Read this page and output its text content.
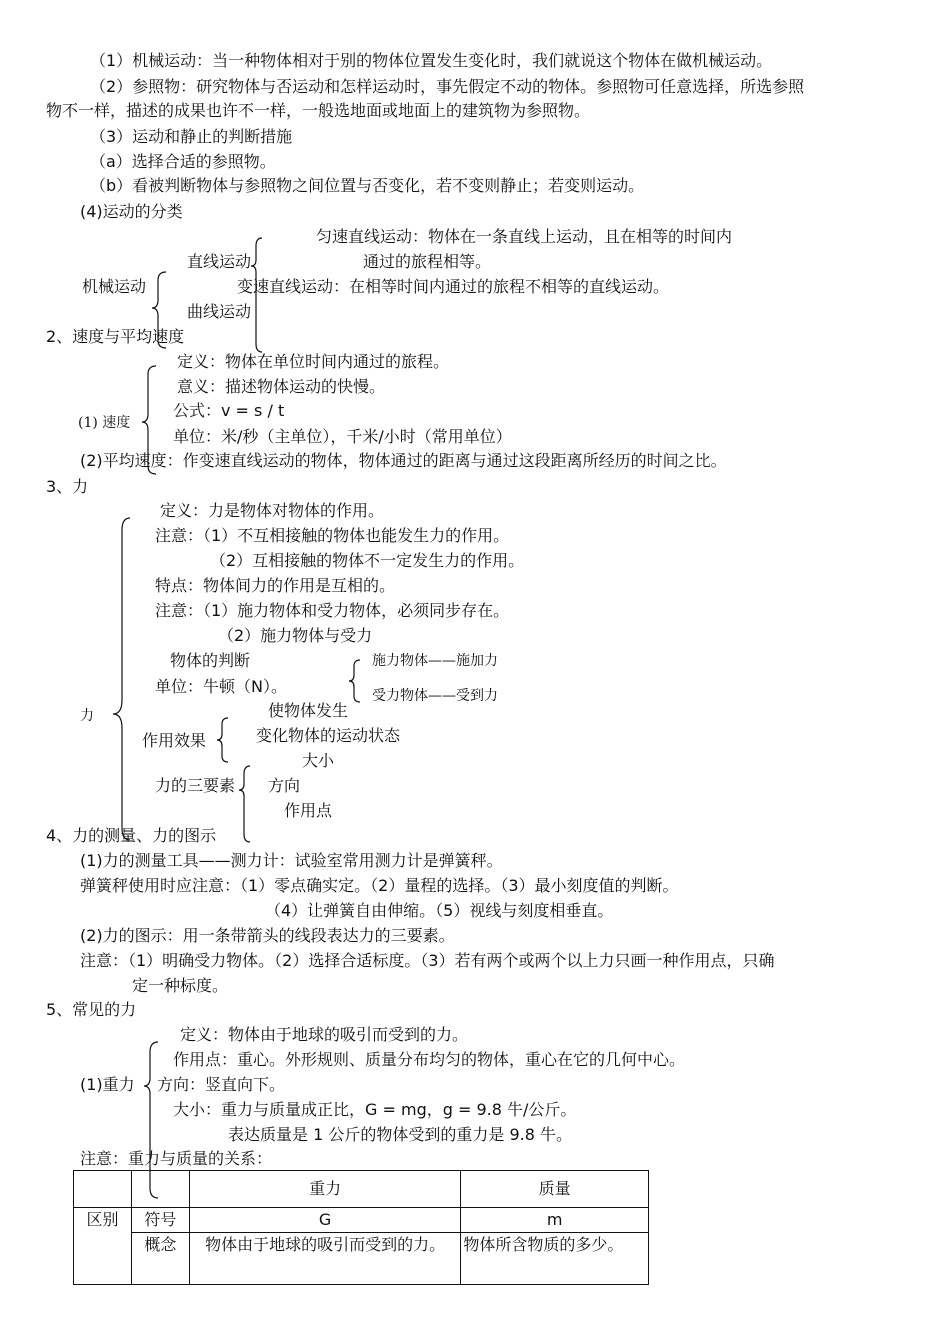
（1）机械运动：当一种物体相对于别的物体位置发生变化时，我们就说这个物体在做机械运动。
（2）参照物：研究物体与否运动和怎样运动时，事先假定不动的物体。参照物可任意选择，所选参照
物不一样，描述的成果也许不一样，一般选地面或地面上的建筑物为参照物。
（3）运动和静止的判断措施
（a）选择合适的参照物。
（b）看被判断物体与参照物之间位置与否变化，若不变则静止；若变则运动。
(4)运动的分类
匀速直线运动：物体在一条直线上运动，且在相等的时间内
直线运动	通过的旅程相等。
机械运动	变速直线运动：在相等时间内通过的旅程不相等的直线运动。
曲线运动
2、速度与平均速度
定义：物体在单位时间内通过的旅程。
意义：描述物体运动的快慢。
(1) 速度
公式：v = s / t
单位：米/秒（主单位），千米/小时（常用单位）
(2)平均速度：作变速直线运动的物体，物体通过的距离与通过这段距离所经历的时间之比。
3、力
定义：力是物体对物体的作用。
注意：（1）不互相接触的物体也能发生力的作用。
（2）互相接触的物体不一定发生力的作用。
特点：物体间力的作用是互相的。
注意：（1）施力物体和受力物体，必须同步存在。
（2）施力物体与受力
物体的判断	施力物体——施加力
单位：牛顿（N）。	受力物体——受到力
力	使物体发生
作用效果	变化物体的运动状态
大小
力的三要素 方向
作用点
4、力的测量、力的图示
(1)力的测量工具——测力计：试验室常用测力计是弹簧秤。
弹簧秤使用时应注意：（1）零点确实定。（2）量程的选择。（3）最小刻度值的判断。
（4）让弹簧自由伸缩。（5）视线与刻度相垂直。
(2)力的图示：用一条带箭头的线段表达力的三要素。
注意：（1）明确受力物体。（2）选择合适标度。（3）若有两个或两个以上力只画一种作用点，只确
定一种标度。
5、常见的力
定义：物体由于地球的吸引而受到的力。
作用点：重心。外形规则、质量分布均匀的物体，重心在它的几何中心。
(1)重力 方向：竖直向下。
大小：重力与质量成正比，G = mg，g = 9.8 牛/公斤。
表达质量是 1 公斤的物体受到的重力是 9.8 牛。
注意：重力与质量的关系：
		重力	质量
区别	符号	G	m
	概念	物体由于地球的吸引而受到的力。	物体所含物质的多少。
